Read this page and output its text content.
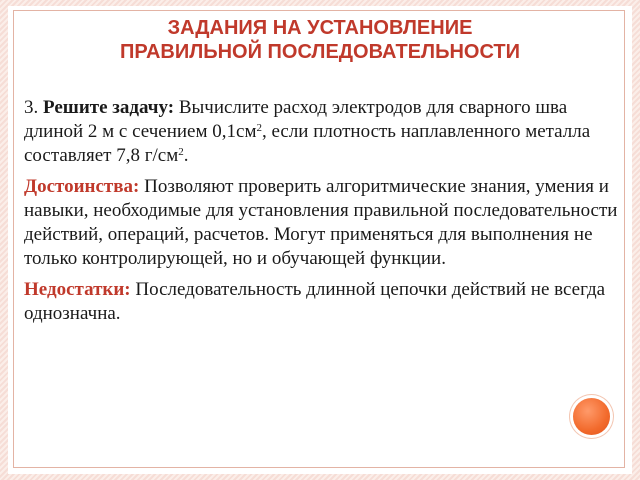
ЗАДАНИЯ НА УСТАНОВЛЕНИЕ
ПРАВИЛЬНОЙ ПОСЛЕДОВАТЕЛЬНОСТИ

3. Решите задачу: Вычислите расход электродов для сварного шва длиной 2 м с сечением $0,1см^2$, если плотность наплавленного металла составляет 7,8 $г/см^2$.

Достоинства: Позволяют проверить алгоритмические знания, умения и навыки, необходимые для установления правильной последовательности действий, операций, расчетов. Могут применяться для выполнения не только контролирующей, но и обучающей функции.

Недостатки: Последовательность длинной цепочки действий не всегда однозначна.
